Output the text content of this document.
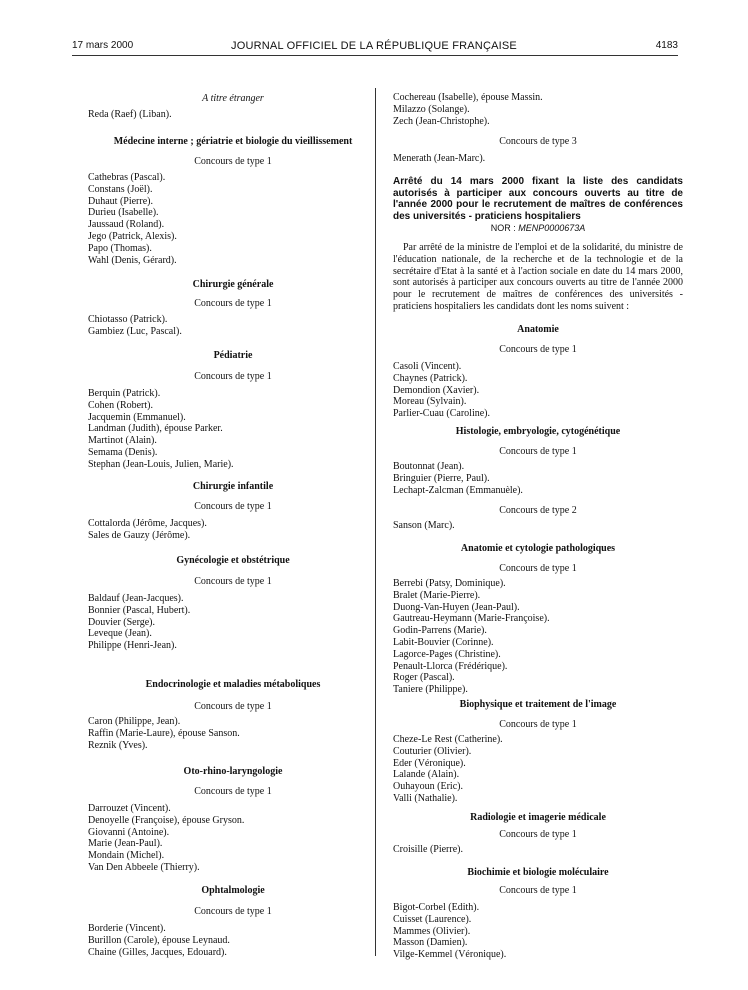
17 mars 2000	JOURNAL OFFICIEL DE LA RÉPUBLIQUE FRANÇAISE	4183
A titre étranger
Reda (Raef) (Liban).
Médecine interne ; gériatrie et biologie du vieillissement
Concours de type 1
Cathebras (Pascal).
Constans (Joël).
Duhaut (Pierre).
Durieu (Isabelle).
Jaussaud (Roland).
Jego (Patrick, Alexis).
Papo (Thomas).
Wahl (Denis, Gérard).
Chirurgie générale
Concours de type 1
Chiotasso (Patrick).
Gambiez (Luc, Pascal).
Pédiatrie
Concours de type 1
Berquin (Patrick).
Cohen (Robert).
Jacquemin (Emmanuel).
Landman (Judith), épouse Parker.
Martinot (Alain).
Semama (Denis).
Stephan (Jean-Louis, Julien, Marie).
Chirurgie infantile
Concours de type 1
Cottalorda (Jérôme, Jacques).
Sales de Gauzy (Jérôme).
Gynécologie et obstétrique
Concours de type 1
Baldauf (Jean-Jacques).
Bonnier (Pascal, Hubert).
Douvier (Serge).
Leveque (Jean).
Philippe (Henri-Jean).
Endocrinologie et maladies métaboliques
Concours de type 1
Caron (Philippe, Jean).
Raffin (Marie-Laure), épouse Sanson.
Reznik (Yves).
Oto-rhino-laryngologie
Concours de type 1
Darrouzet (Vincent).
Denoyelle (Françoise), épouse Gryson.
Giovanni (Antoine).
Marie (Jean-Paul).
Mondain (Michel).
Van Den Abbeele (Thierry).
Ophtalmologie
Concours de type 1
Borderie (Vincent).
Burillon (Carole), épouse Leynaud.
Chaine (Gilles, Jacques, Edouard).
Cochereau (Isabelle), épouse Massin.
Milazzo (Solange).
Zech (Jean-Christophe).
Concours de type 3
Menerath (Jean-Marc).
Arrêté du 14 mars 2000 fixant la liste des candidats autorisés à participer aux concours ouverts au titre de l'année 2000 pour le recrutement de maîtres de conférences des universités - praticiens hospitaliers
NOR : MENP0000673A
Par arrêté de la ministre de l'emploi et de la solidarité, du ministre de l'éducation nationale, de la recherche et de la technologie et de la secrétaire d'Etat à la santé et à l'action sociale en date du 14 mars 2000, sont autorisés à participer aux concours ouverts au titre de l'année 2000 pour le recrutement de maîtres de conférences des universités - praticiens hospitaliers les candidats dont les noms suivent :
Anatomie
Concours de type 1
Casoli (Vincent).
Chaynes (Patrick).
Demondion (Xavier).
Moreau (Sylvain).
Parlier-Cuau (Caroline).
Histologie, embryologie, cytogénétique
Concours de type 1
Boutonnat (Jean).
Bringuier (Pierre, Paul).
Lechapt-Zalcman (Emmanuèle).
Concours de type 2
Sanson (Marc).
Anatomie et cytologie pathologiques
Concours de type 1
Berrebi (Patsy, Dominique).
Bralet (Marie-Pierre).
Duong-Van-Huyen (Jean-Paul).
Gautreau-Heymann (Marie-Françoise).
Godin-Parrens (Marie).
Labit-Bouvier (Corinne).
Lagorce-Pages (Christine).
Penault-Llorca (Frédérique).
Roger (Pascal).
Taniere (Philippe).
Biophysique et traitement de l'image
Concours de type 1
Cheze-Le Rest (Catherine).
Couturier (Olivier).
Eder (Véronique).
Lalande (Alain).
Ouhayoun (Eric).
Valli (Nathalie).
Radiologie et imagerie médicale
Concours de type 1
Croisille (Pierre).
Biochimie et biologie moléculaire
Concours de type 1
Bigot-Corbel (Edith).
Cuisset (Laurence).
Mammes (Olivier).
Masson (Damien).
Vilge-Kemmel (Véronique).
